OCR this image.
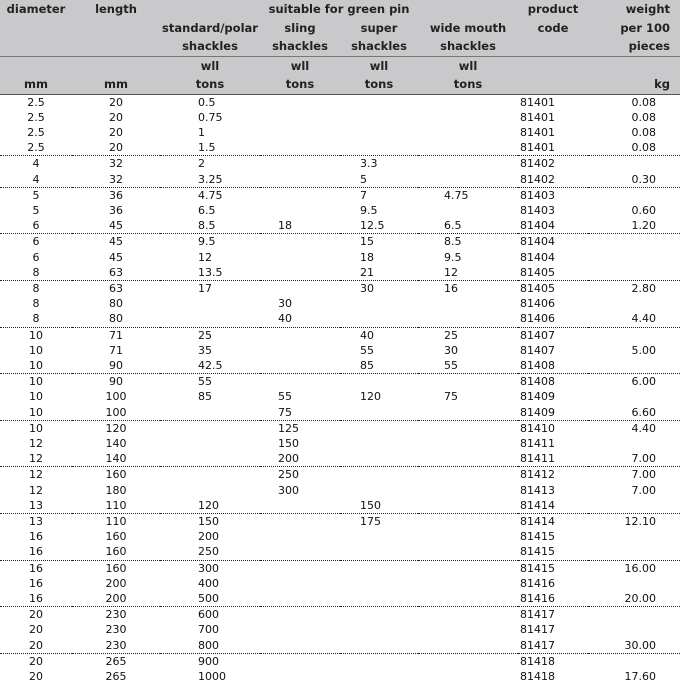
diameter	length	suitable for green pin				product	weight
		standard/polar	sling	super	wide mouth	code	per 100
		shackles	shackles	shackles	shackles		pieces
		wll	wll	wll	wll		
mm	mm	tons	tons	tons	tons		kg
2.5	20	0.5				81401	0.08
2.5	20	0.75				81401	0.08
2.5	20	1				81401	0.08
2.5	20	1.5				81401	0.08
4	32	2		3.3		81402	
4	32	3.25		5		81402	0.30
5	36	4.75		7	4.75	81403	
5	36	6.5		9.5		81403	0.60
6	45	8.5	18	12.5	6.5	81404	1.20
6	45	9.5		15	8.5	81404	
6	45	12		18	9.5	81404	
8	63	13.5		21	12	81405	
8	63	17		30	16	81405	2.80
8	80		30			81406	
8	80		40			81406	4.40
10	71	25		40	25	81407	
10	71	35		55	30	81407	5.00
10	90	42.5		85	55	81408	
10	90	55				81408	6.00
10	100	85	55	120	75	81409	
10	100		75			81409	6.60
10	120		125			81410	4.40
12	140		150			81411	
12	140		200			81411	7.00
12	160		250			81412	7.00
12	180		300			81413	7.00
13	110	120		150		81414	
13	110	150		175		81414	12.10
16	160	200				81415	
16	160	250				81415	
16	160	300				81415	16.00
16	200	400				81416	
16	200	500				81416	20.00
20	230	600				81417	
20	230	700				81417	
20	230	800				81417	30.00
20	265	900				81418	
20	265	1000				81418	17.60
